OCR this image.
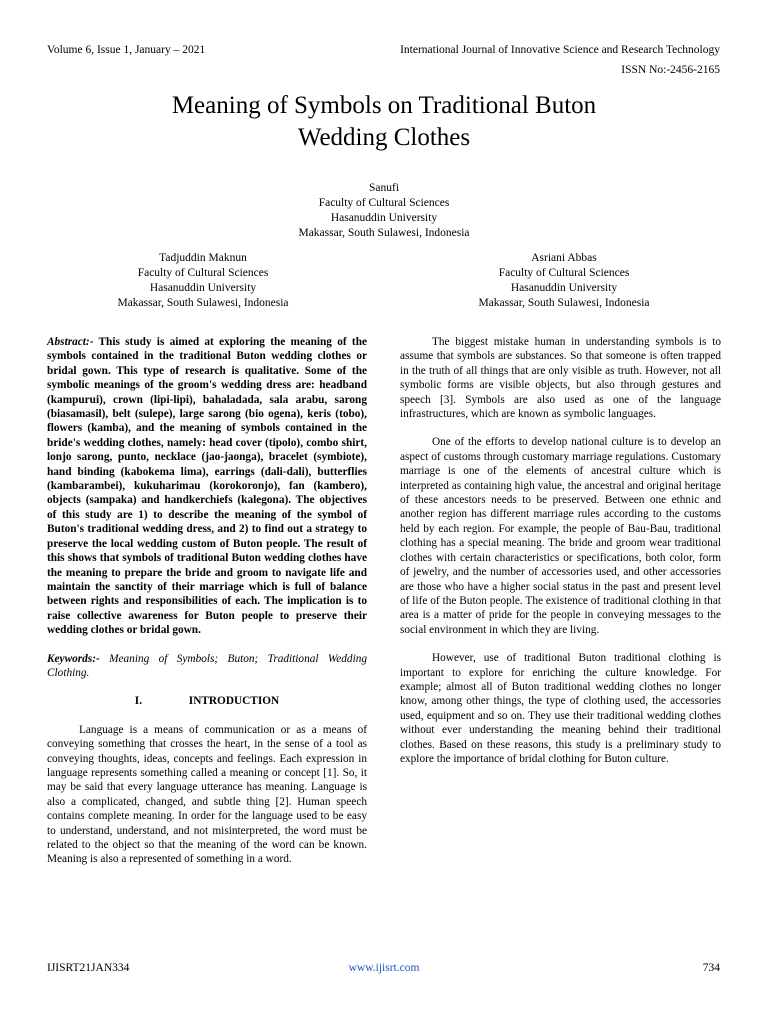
Volume 6, Issue 1, January – 2021	International Journal of Innovative Science and Research Technology
ISSN No:-2456-2165
Meaning of Symbols on Traditional Buton
Wedding Clothes
Sanufi
Faculty of Cultural Sciences
Hasanuddin University
Makassar, South Sulawesi, Indonesia
Tadjuddin Maknun
Faculty of Cultural Sciences
Hasanuddin University
Makassar, South Sulawesi, Indonesia
Asriani Abbas
Faculty of Cultural Sciences
Hasanuddin University
Makassar, South Sulawesi, Indonesia

Abstract:- This study is aimed at exploring the meaning of the symbols contained in the traditional Buton wedding clothes or bridal gown. This type of research is qualitative. Some of the symbolic meanings of the groom's wedding dress are: headband (kampurui), crown (lipi-lipi), bahaladada, sala arabu, sarong (biasamasil), belt (sulepe), large sarong (bio ogena), keris (tobo), flowers (kamba), and the meaning of symbols contained in the bride's wedding clothes, namely: head cover (tipolo), combo shirt, lonjo sarong, punto, necklace (jao-jaonga), bracelet (symbiote), hand binding (kabokema lima), earrings (dali-dali), butterflies (kambarambei), kukuharimau (korokoronjo), fan (kambero), objects (sampaka) and handkerchiefs (kalegona). The objectives of this study are 1) to describe the meaning of the symbol of Buton's traditional wedding dress, and 2) to find out a strategy to preserve the local wedding custom of Buton people. The result of this shows that symbols of traditional Buton wedding clothes have the meaning to prepare the bride and groom to navigate life and maintain the sanctity of their marriage which is full of balance between rights and responsibilities of each. The implication is to raise collective awareness for Buton people to preserve their wedding clothes or bridal gown.

Keywords:- Meaning of Symbols; Buton; Traditional Wedding Clothing.

I.	INTRODUCTION

Language is a means of communication or as a means of conveying something that crosses the heart, in the sense of a tool as conveying thoughts, ideas, concepts and feelings. Each expression in language represents something called a meaning or concept [1]. So, it may be said that every language utterance has meaning. Language is also a complicated, changed, and subtle thing [2]. Human speech contains complete meaning. In order for the language used to be easy to understand, understand, and not misinterpreted, the word must be related to the object so that the meaning of the word can be known. Meaning is also a represented of something in a word.

The biggest mistake human in understanding symbols is to assume that symbols are substances. So that someone is often trapped in the truth of all things that are only visible as truth. However, not all symbolic forms are visible objects, but also through gestures and speech [3]. Symbols are also used as one of the language infrastructures, which are known as symbolic languages.

One of the efforts to develop national culture is to develop an aspect of customs through customary marriage regulations. Customary marriage is one of the elements of ancestral culture which is interpreted as containing high value, the ancestral and original heritage of these ancestors needs to be preserved. Between one ethnic and another region has different marriage rules according to the customs held by each region. For example, the people of Bau-Bau, traditional clothing has a special meaning. The bride and groom wear traditional clothes with certain characteristics or specifications, both color, form of jewelry, and the number of accessories used, and other accessories are those who have a higher social status in the past and present level of life of the Buton people. The existence of traditional clothing in that area is a matter of pride for the people in conveying messages to the social environment in which they are living.

However, use of traditional Buton traditional clothing is important to explore for enriching the culture knowledge. For example; almost all of Buton traditional wedding clothes no longer know, among other things, the type of clothing used, the accessories used, equipment and so on. They use their traditional wedding clothes without ever understanding the meaning behind their traditional clothes. Based on these reasons, this study is a preliminary study to explore the importance of bridal clothing for Buton culture.

IJISRT21JAN334	www.ijisrt.com	734
